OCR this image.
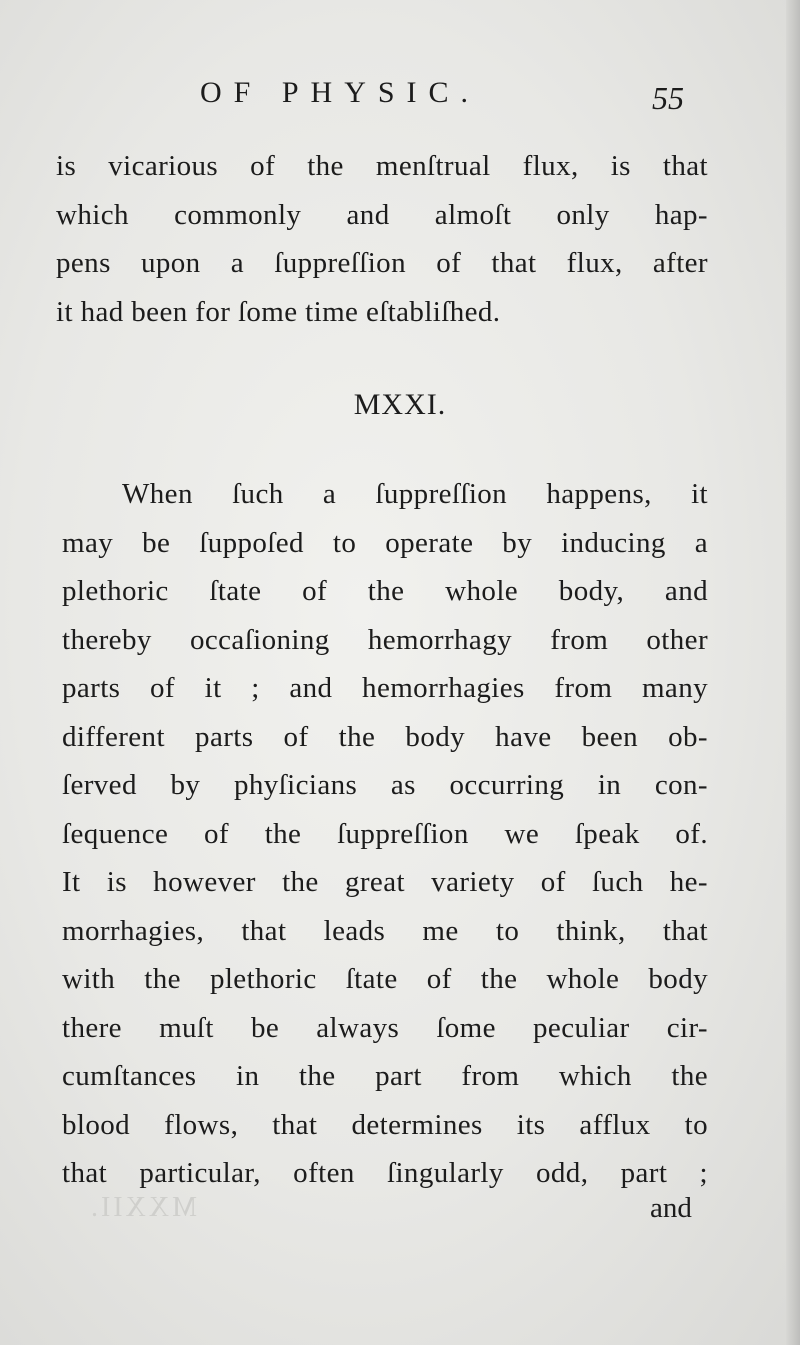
OF PHYSIC.	55
is vicarious of the menſtrual flux, is that
which commonly and almoſt only hap-
pens upon a ſuppreſſion of that flux, after
it had been for ſome time eſtabliſhed.
MXXI.
When ſuch a ſuppreſſion happens, it
may be ſuppoſed to operate by inducing a
plethoric ſtate of the whole body, and
thereby occaſioning hemorrhagy from other
parts of it ; and hemorrhagies from many
different parts of the body have been ob-
ſerved by phyſicians as occurring in con-
ſequence of the ſuppreſſion we ſpeak of.
It is however the great variety of ſuch he-
morrhagies, that leads me to think, that
with the plethoric ſtate of the whole body
there muſt be always ſome peculiar cir-
cumſtances in the part from which the
blood flows, that determines its afflux to
that particular, often ſingularly odd, part ;
MXXII.	and
